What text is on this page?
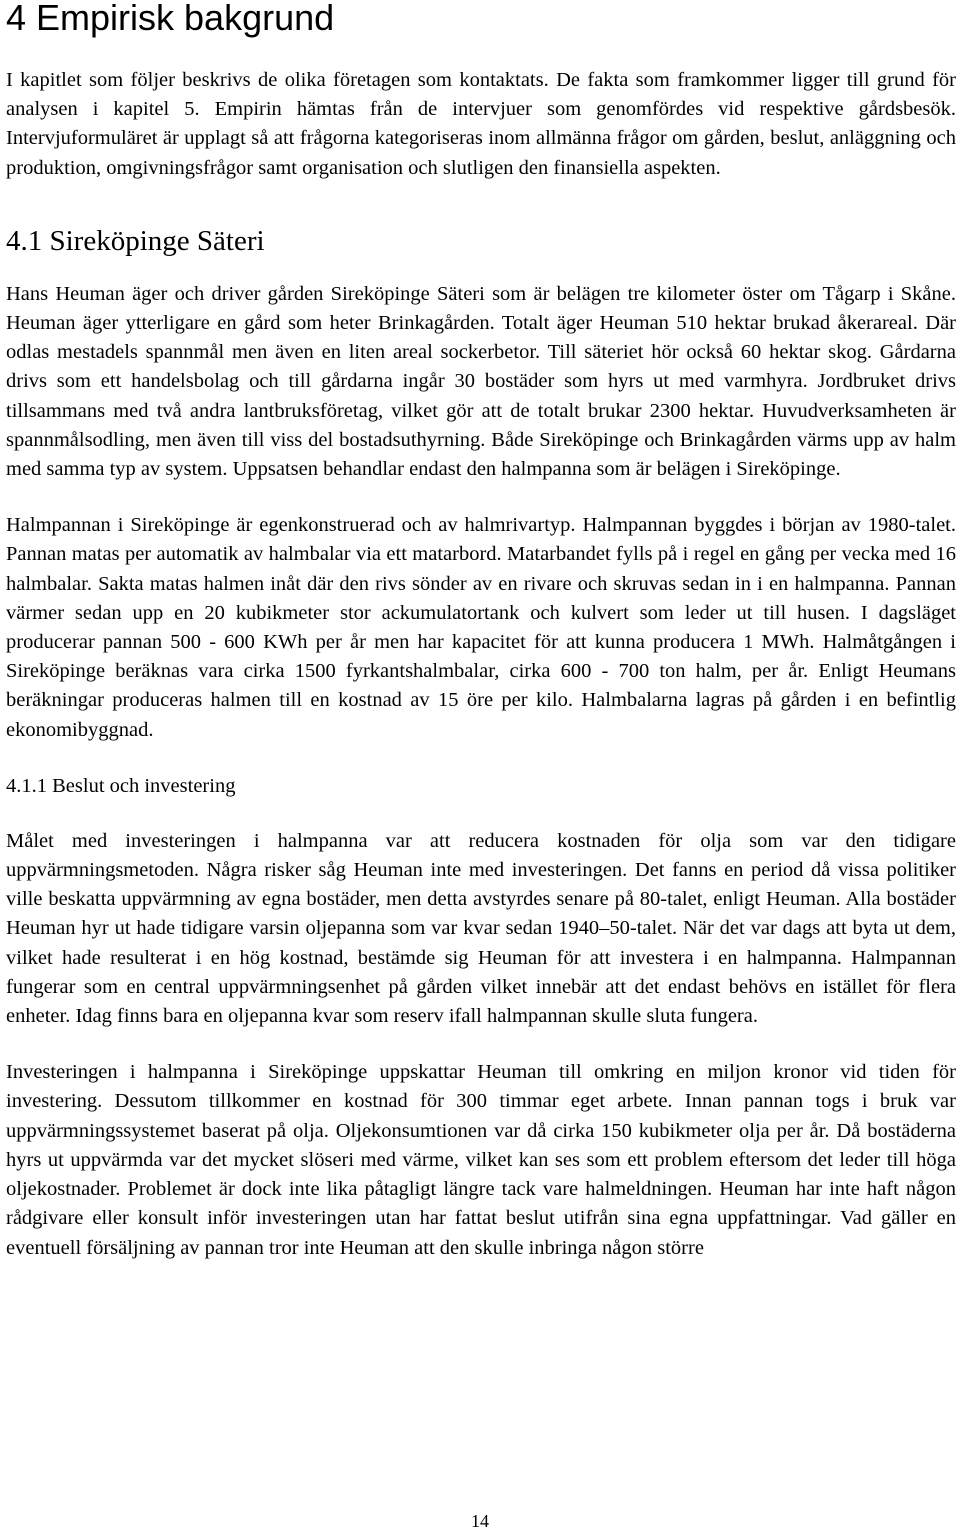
4 Empirisk bakgrund

I kapitlet som följer beskrivs de olika företagen som kontaktats. De fakta som framkommer ligger till grund för analysen i kapitel 5. Empirin hämtas från de intervjuer som genomfördes vid respektive gårdsbesök. Intervjuformuläret är upplagt så att frågorna kategoriseras inom allmänna frågor om gården, beslut, anläggning och produktion, omgivningsfrågor samt organisation och slutligen den finansiella aspekten.

4.1 Sireköpinge Säteri

Hans Heuman äger och driver gården Sireköpinge Säteri som är belägen tre kilometer öster om Tågarp i Skåne. Heuman äger ytterligare en gård som heter Brinkagården. Totalt äger Heuman 510 hektar brukad åkerareal. Där odlas mestadels spannmål men även en liten areal sockerbetor. Till säteriet hör också 60 hektar skog. Gårdarna drivs som ett handelsbolag och till gårdarna ingår 30 bostäder som hyrs ut med varmhyra. Jordbruket drivs tillsammans med två andra lantbruksföretag, vilket gör att de totalt brukar 2300 hektar. Huvudverksamheten är spannmålsodling, men även till viss del bostadsuthyrning. Både Sireköpinge och Brinkagården värms upp av halm med samma typ av system. Uppsatsen behandlar endast den halmpanna som är belägen i Sireköpinge.

Halmpannan i Sireköpinge är egenkonstruerad och av halmrivartyp. Halmpannan byggdes i början av 1980-talet. Pannan matas per automatik av halmbalar via ett matarbord. Matarbandet fylls på i regel en gång per vecka med 16 halmbalar. Sakta matas halmen inåt där den rivs sönder av en rivare och skruvas sedan in i en halmpanna. Pannan värmer sedan upp en 20 kubikmeter stor ackumulatortank och kulvert som leder ut till husen. I dagsläget producerar pannan 500 - 600 KWh per år men har kapacitet för att kunna producera 1 MWh. Halmåtgången i Sireköpinge beräknas vara cirka 1500 fyrkantshalmbalar, cirka 600 - 700 ton halm, per år. Enligt Heumans beräkningar produceras halmen till en kostnad av 15 öre per kilo. Halmbalarna lagras på gården i en befintlig ekonomibyggnad.

4.1.1 Beslut och investering

Målet med investeringen i halmpanna var att reducera kostnaden för olja som var den tidigare uppvärmningsmetoden. Några risker såg Heuman inte med investeringen. Det fanns en period då vissa politiker ville beskatta uppvärmning av egna bostäder, men detta avstyrdes senare på 80-talet, enligt Heuman. Alla bostäder Heuman hyr ut hade tidigare varsin oljepanna som var kvar sedan 1940–50-talet. När det var dags att byta ut dem, vilket hade resulterat i en hög kostnad, bestämde sig Heuman för att investera i en halmpanna. Halmpannan fungerar som en central uppvärmningsenhet på gården vilket innebär att det endast behövs en istället för flera enheter. Idag finns bara en oljepanna kvar som reserv ifall halmpannan skulle sluta fungera.

Investeringen i halmpanna i Sireköpinge uppskattar Heuman till omkring en miljon kronor vid tiden för investering. Dessutom tillkommer en kostnad för 300 timmar eget arbete. Innan pannan togs i bruk var uppvärmningssystemet baserat på olja. Oljekonsumtionen var då cirka 150 kubikmeter olja per år. Då bostäderna hyrs ut uppvärmda var det mycket slöseri med värme, vilket kan ses som ett problem eftersom det leder till höga oljekostnader. Problemet är dock inte lika påtagligt längre tack vare halmeldningen. Heuman har inte haft någon rådgivare eller konsult inför investeringen utan har fattat beslut utifrån sina egna uppfattningar. Vad gäller en eventuell försäljning av pannan tror inte Heuman att den skulle inbringa någon större

14
